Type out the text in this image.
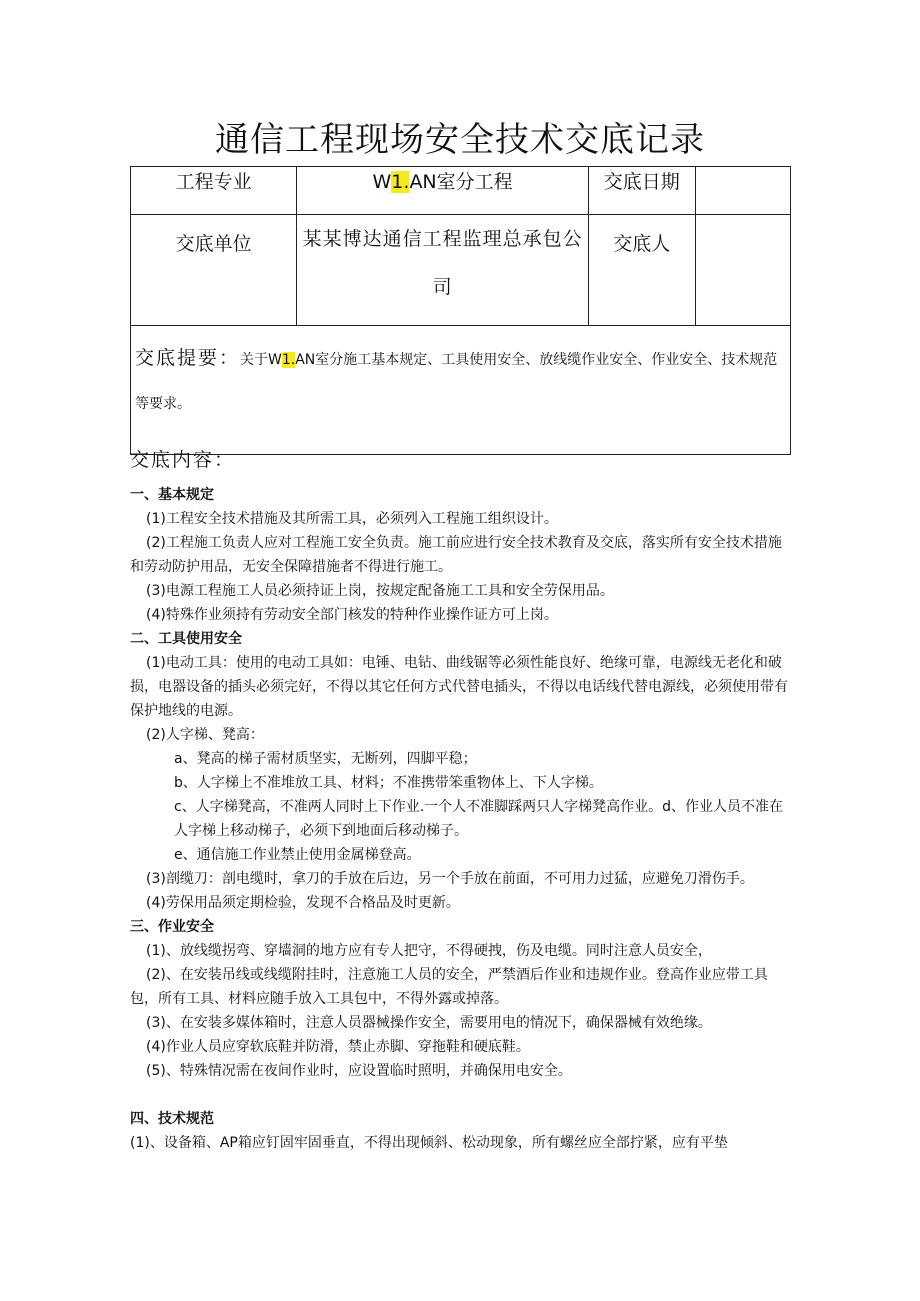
通信工程现场安全技术交底记录
工程专业	W1.AN室分工程	交底日期	
交底单位	某某博达通信工程监理总承包公司	交底人	
交底提要：关于W1.AN室分施工基本规定、工具使用安全、放线缆作业安全、作业安全、技术规范等要求。			
交底内容：

一、基本规定

(1)工程安全技术措施及其所需工具，必须列入工程施工组织设计。

(2)工程施工负责人应对工程施工安全负责。施工前应进行安全技术教育及交底，落实所有安全技术措施和劳动防护用品，无安全保障措施者不得进行施工。

(3)电源工程施工人员必须持证上岗，按规定配备施工工具和安全劳保用品。

(4)特殊作业须持有劳动安全部门核发的特种作业操作证方可上岗。

二、工具使用安全

(1)电动工具：使用的电动工具如：电锤、电钻、曲线锯等必须性能良好、绝缘可靠，电源线无老化和破损，电器设备的插头必须完好，不得以其它任何方式代替电插头，不得以电话线代替电源线，必须使用带有保护地线的电源。

(2)人字梯、凳高：

a、凳高的梯子需材质坚实，无断列，四脚平稳；

b、人字梯上不准堆放工具、材料；不准携带笨重物体上、下人字梯。

c、人字梯凳高，不准两人同时上下作业.一个人不准脚踩两只人字梯凳高作业。d、作业人员不准在人字梯上移动梯子，必须下到地面后移动梯子。

e、通信施工作业禁止使用金属梯登高。

(3)剖缆刀：剖电缆时，拿刀的手放在后边，另一个手放在前面，不可用力过猛，应避免刀滑伤手。

(4)劳保用品须定期检验，发现不合格品及时更新。

三、作业安全

(1)、放线缆拐弯、穿墙洞的地方应有专人把守，不得硬拽，伤及电缆。同时注意人员安全，

(2)、在安装吊线或线缆附挂时，注意施工人员的安全，严禁酒后作业和违规作业。登高作业应带工具包，所有工具、材料应随手放入工具包中，不得外露或掉落。

(3)、在安装多媒体箱时，注意人员器械操作安全，需要用电的情况下，确保器械有效绝缘。

(4)作业人员应穿软底鞋并防滑，禁止赤脚、穿拖鞋和硬底鞋。

(5)、特殊情况需在夜间作业时，应设置临时照明，并确保用电安全。

四、技术规范

(1)、设备箱、AP箱应钉固牢固垂直，不得出现倾斜、松动现象，所有螺丝应全部拧紧，应有平垫
